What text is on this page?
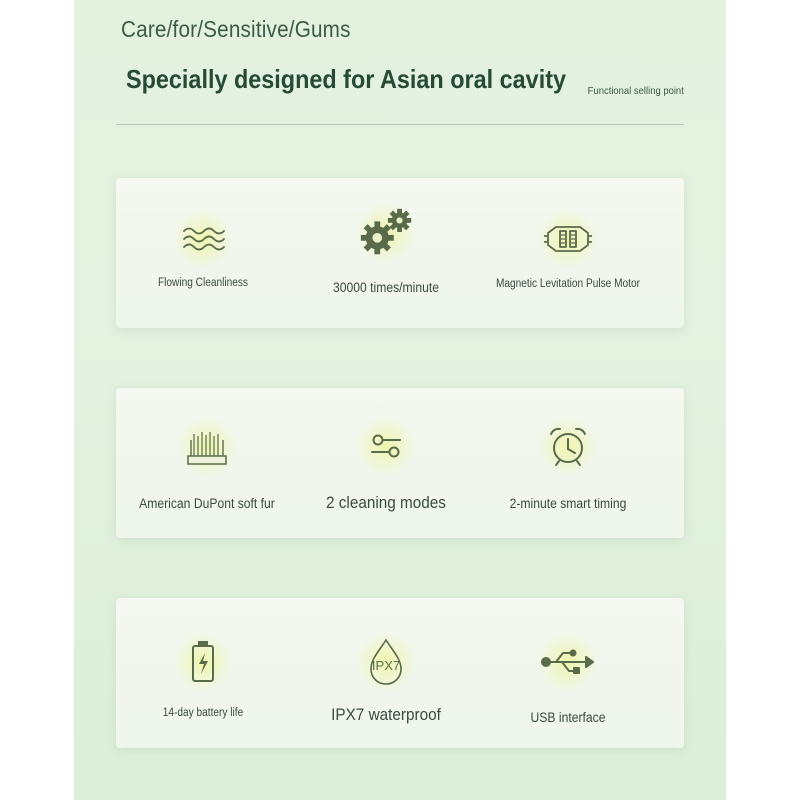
Care/for/Sensitive/Gums
Specially designed for Asian oral cavity Functional selling point
Flowing Cleanliness	30000 times/minute	Magnetic Levitation Pulse Motor
American DuPont soft fur	2 cleaning modes	2-minute smart timing
14-day battery life
IPX7
IPX7 waterproof	USB interface
